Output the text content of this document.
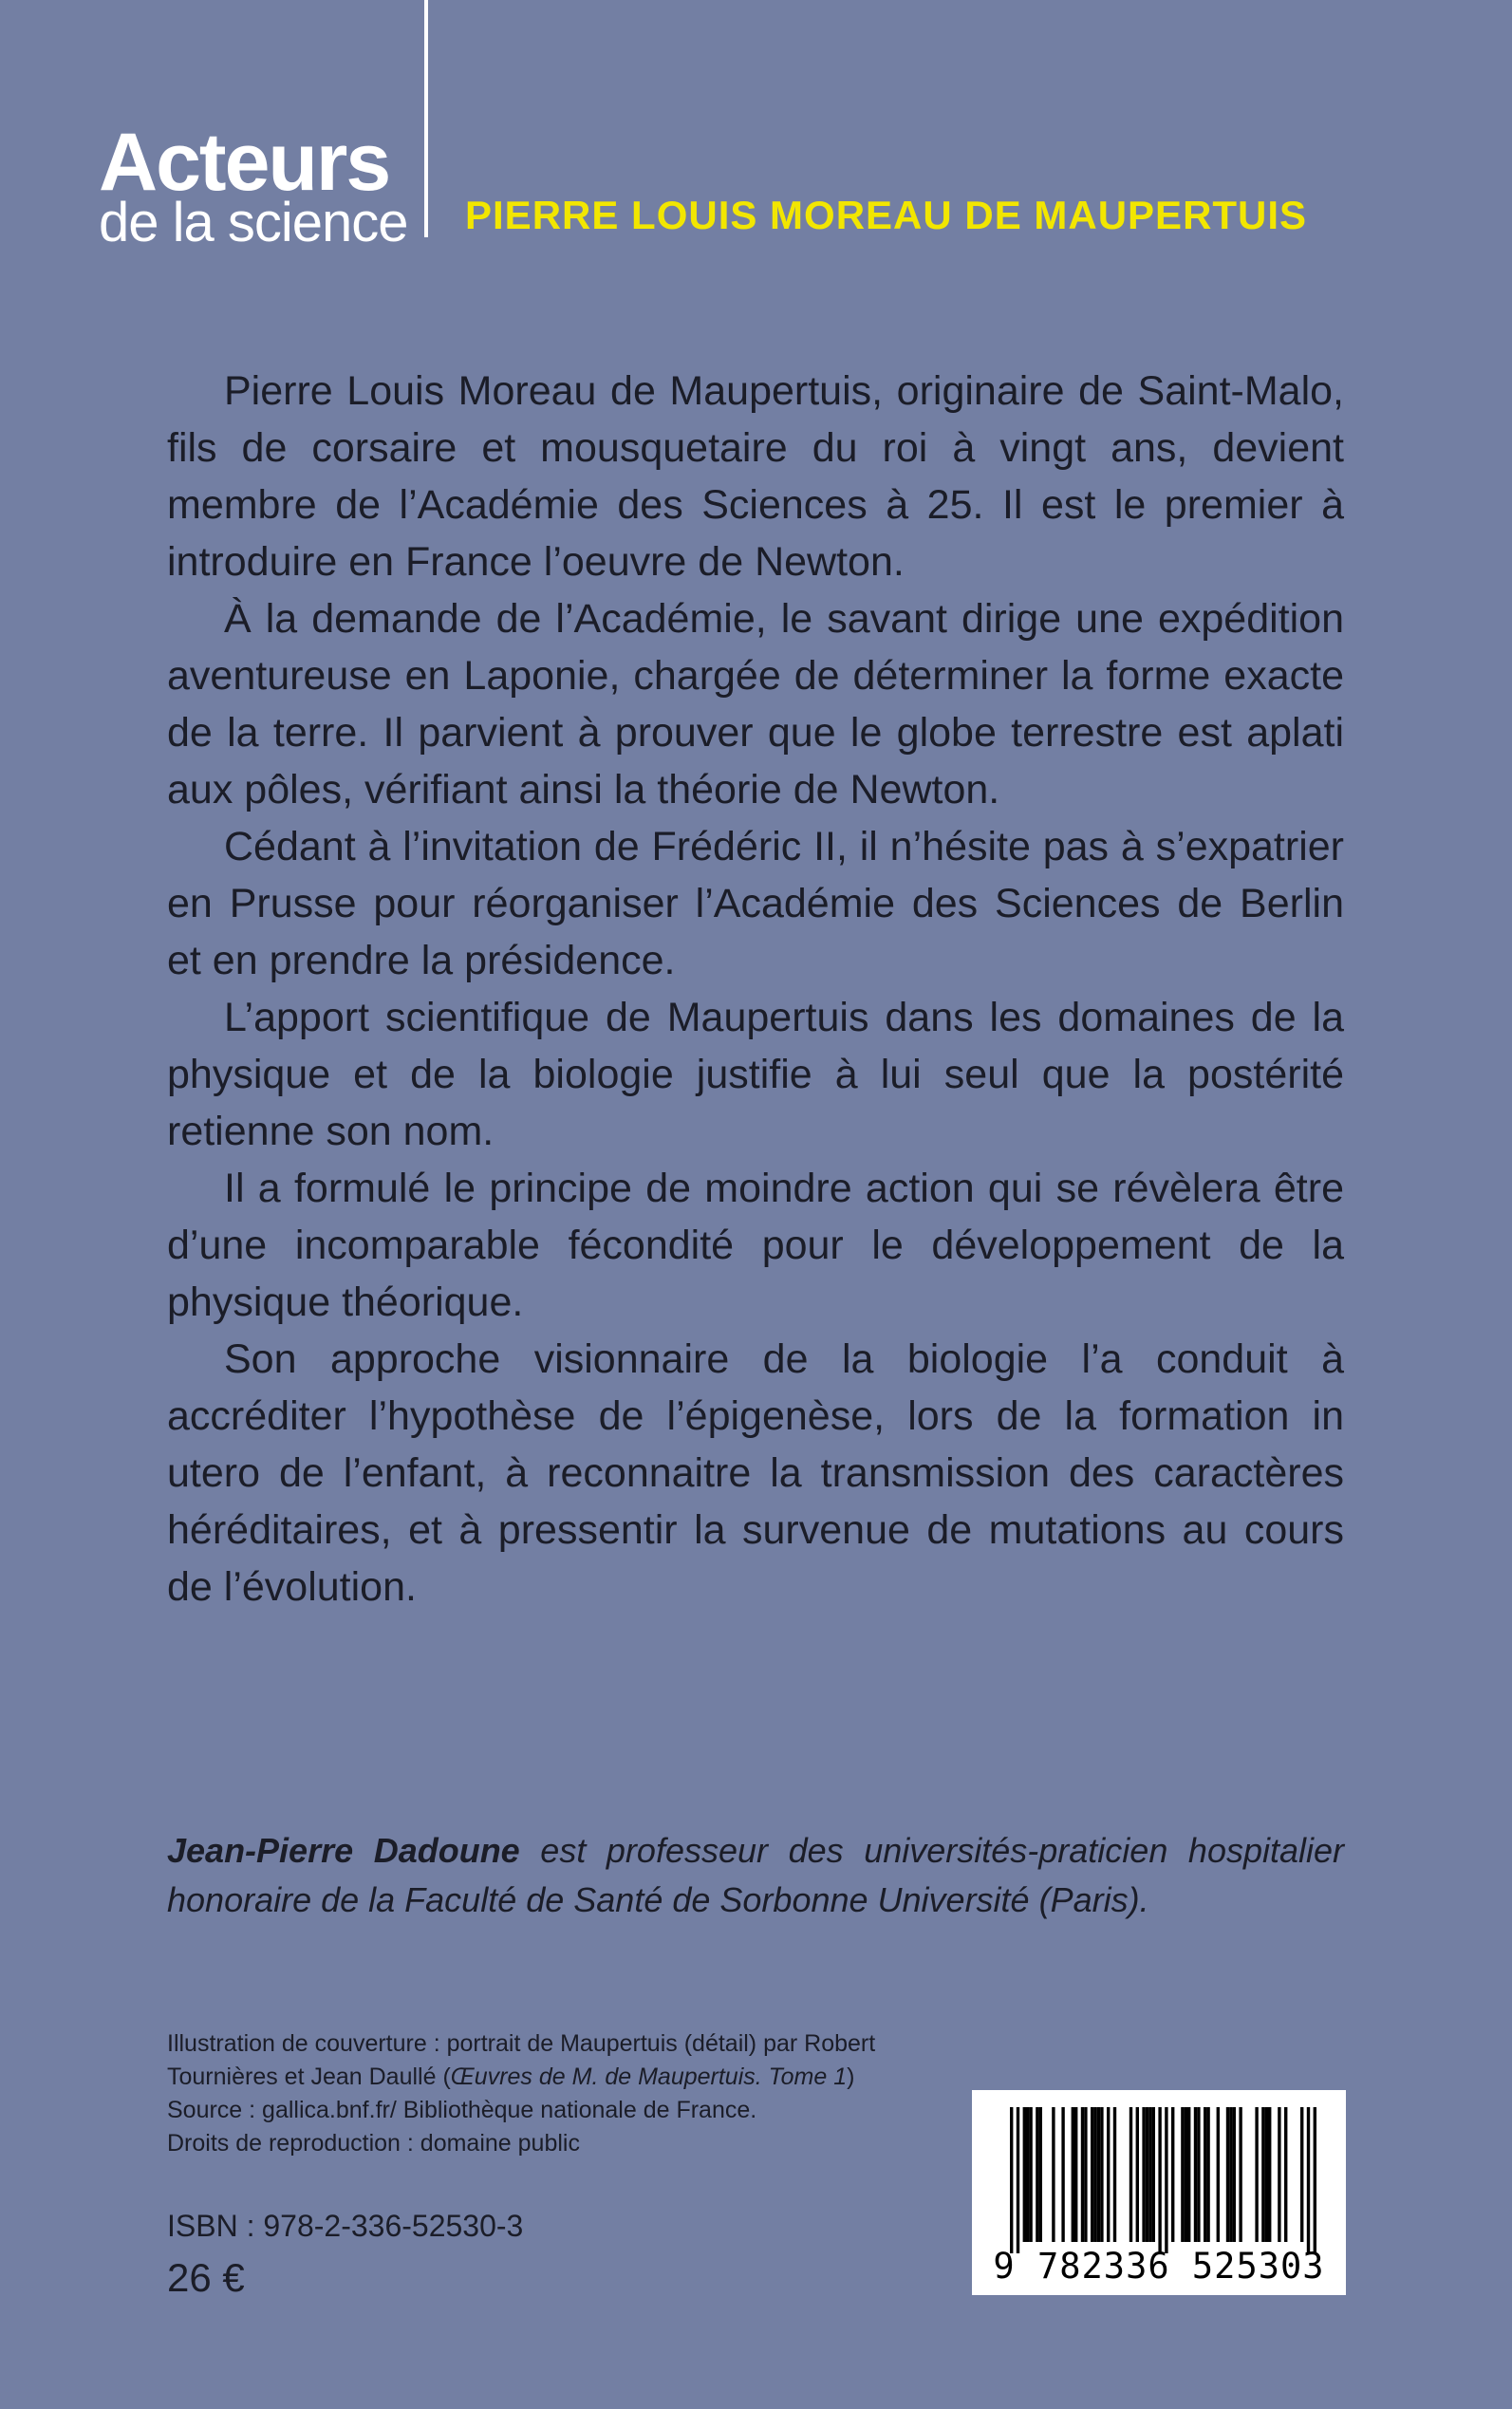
Acteurs
de la science PIERRE LOUIS MOREAU DE MAUPERTUIS

Pierre Louis Moreau de Maupertuis, originaire de Saint-Malo, fils de corsaire et mousquetaire du roi à vingt ans, devient membre de l’Académie des Sciences à 25. Il est le premier à introduire en France l’oeuvre de Newton.

À la demande de l’Académie, le savant dirige une expédition aventureuse en Laponie, chargée de déterminer la forme exacte de la terre. Il parvient à prouver que le globe terrestre est aplati aux pôles, vérifiant ainsi la théorie de Newton.

Cédant à l’invitation de Frédéric II, il n’hésite pas à s’expatrier en Prusse pour réorganiser l’Académie des Sciences de Berlin et en prendre la présidence.

L’apport scientifique de Maupertuis dans les domaines de la physique et de la biologie justifie à lui seul que la postérité retienne son nom.

Il a formulé le principe de moindre action qui se révèlera être d’une incomparable fécondité pour le développement de la physique théorique.

Son approche visionnaire de la biologie l’a conduit à accréditer l’hypothèse de l’épigenèse, lors de la formation in utero de l’enfant, à reconnaitre la transmission des caractères héréditaires, et à pressentir la survenue de mutations au cours de l’évolution.

Jean-Pierre Dadoune est professeur des universités-praticien hospitalier honoraire de la Faculté de Santé de Sorbonne Université (Paris).
Illustration de couverture : portrait de Maupertuis (détail) par Robert
Tournières et Jean Daullé (Œuvres de M. de Maupertuis. Tome 1)
Source : gallica.bnf.fr/ Bibliothèque nationale de France.
Droits de reproduction : domaine public
ISBN : 978-2-336-52530-3
26 €	9 782336 525303
